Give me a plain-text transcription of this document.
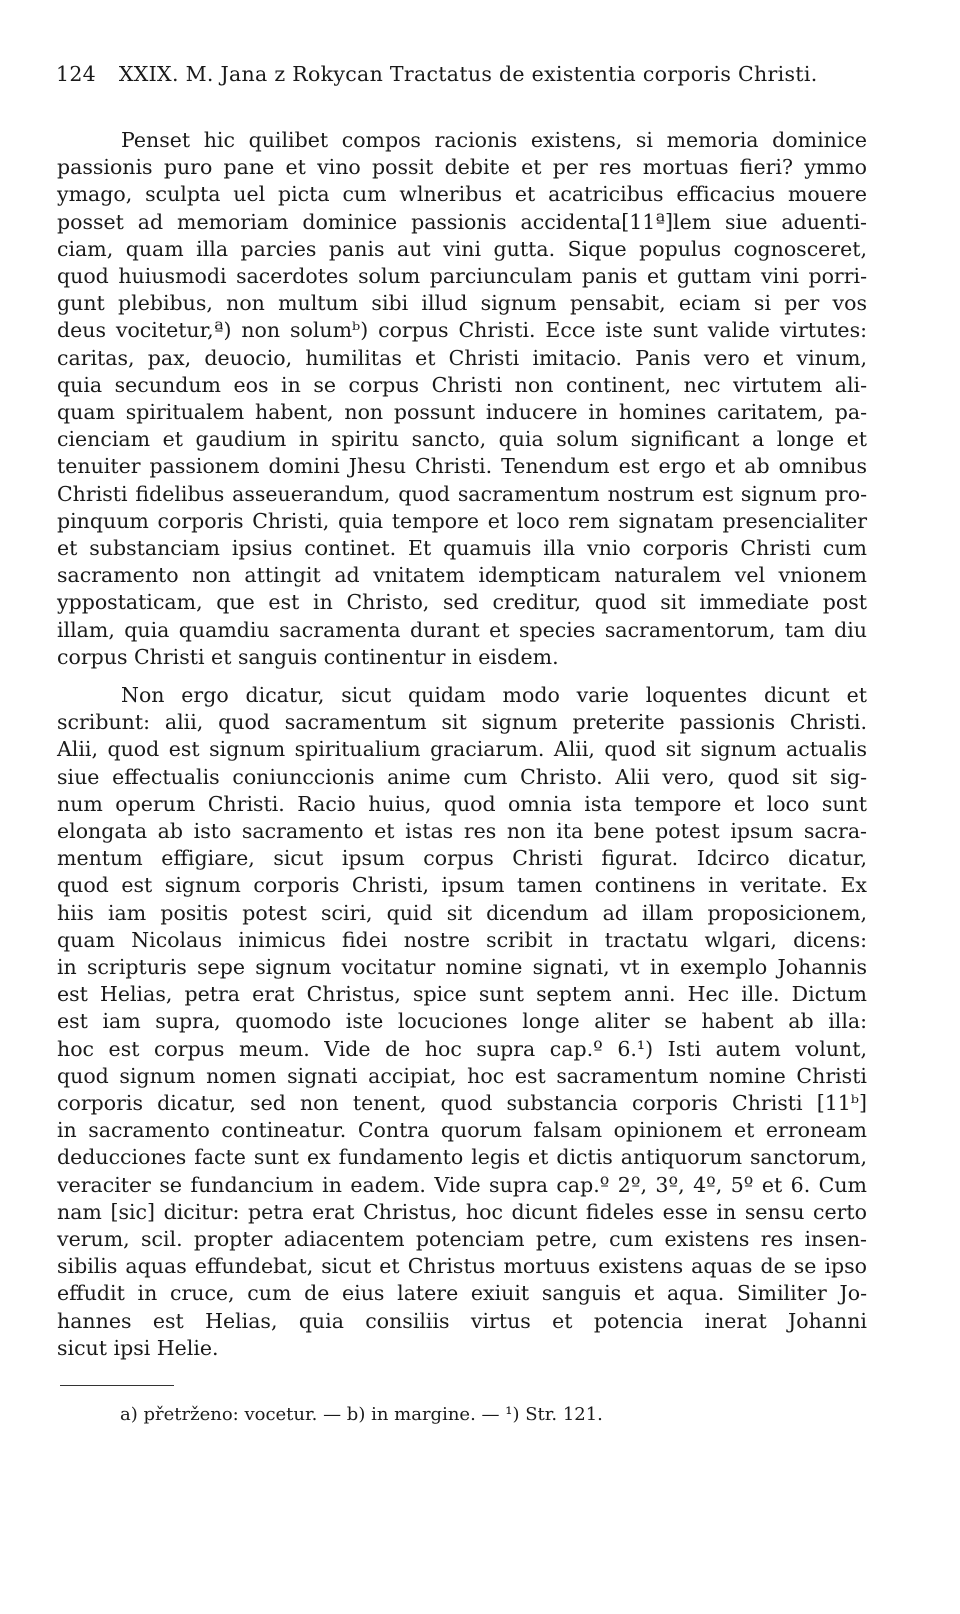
124 XXIX. M. Jana z Rokycan Tractatus de existentia corporis Christi.
Penset hic quilibet compos racionis existens, si memoria dominice
passionis puro pane et vino possit debite et per res mortuas fieri? ymmo
ymago, sculpta uel picta cum wlneribus et acatricibus efficacius mouere
posset ad memoriam dominice passionis accidenta[11ª]lem siue aduenti-
ciam, quam illa parcies panis aut vini gutta. Sique populus cognosceret,
quod huiusmodi sacerdotes solum parciunculam panis et guttam vini porri-
gunt plebibus, non multum sibi illud signum pensabit, eciam si per vos
deus vocitetur,ª) non solumᵇ) corpus Christi. Ecce iste sunt valide virtutes:
caritas, pax, deuocio, humilitas et Christi imitacio. Panis vero et vinum,
quia secundum eos in se corpus Christi non continent, nec virtutem ali-
quam spiritualem habent, non possunt inducere in homines caritatem, pa-
cienciam et gaudium in spiritu sancto, quia solum significant a longe et
tenuiter passionem domini Jhesu Christi. Tenendum est ergo et ab omnibus
Christi fidelibus asseuerandum, quod sacramentum nostrum est signum pro-
pinquum corporis Christi, quia tempore et loco rem signatam presencialiter
et substanciam ipsius continet. Et quamuis illa vnio corporis Christi cum
sacramento non attingit ad vnitatem idempticam naturalem vel vnionem
yppostaticam, que est in Christo, sed creditur, quod sit immediate post
illam, quia quamdiu sacramenta durant et species sacramentorum, tam diu
corpus Christi et sanguis continentur in eisdem.
Non ergo dicatur, sicut quidam modo varie loquentes dicunt et
scribunt: alii, quod sacramentum sit signum preterite passionis Christi.
Alii, quod est signum spiritualium graciarum. Alii, quod sit signum actualis
siue effectualis coniunccionis anime cum Christo. Alii vero, quod sit sig-
num operum Christi. Racio huius, quod omnia ista tempore et loco sunt
elongata ab isto sacramento et istas res non ita bene potest ipsum sacra-
mentum effigiare, sicut ipsum corpus Christi figurat. Idcirco dicatur,
quod est signum corporis Christi, ipsum tamen continens in veritate. Ex
hiis iam positis potest sciri, quid sit dicendum ad illam proposicionem,
quam Nicolaus inimicus fidei nostre scribit in tractatu wlgari, dicens:
in scripturis sepe signum vocitatur nomine signati, vt in exemplo Johannis
est Helias, petra erat Christus, spice sunt septem anni. Hec ille. Dictum
est iam supra, quomodo iste locuciones longe aliter se habent ab illa:
hoc est corpus meum. Vide de hoc supra cap.º 6.¹) Isti autem volunt,
quod signum nomen signati accipiat, hoc est sacramentum nomine Christi
corporis dicatur, sed non tenent, quod substancia corporis Christi [11ᵇ]
in sacramento contineatur. Contra quorum falsam opinionem et erroneam
deducciones facte sunt ex fundamento legis et dictis antiquorum sanctorum,
veraciter se fundancium in eadem. Vide supra cap.º 2º, 3º, 4º, 5º et 6. Cum
nam [sic] dicitur: petra erat Christus, hoc dicunt fideles esse in sensu certo
verum, scil. propter adiacentem potenciam petre, cum existens res insen-
sibilis aquas effundebat, sicut et Christus mortuus existens aquas de se ipso
effudit in cruce, cum de eius latere exiuit sanguis et aqua. Similiter Jo-
hannes est Helias, quia consiliis virtus et potencia inerat Johanni
sicut ipsi Helie.
a) přetrženo: vocetur. — b) in margine. — ¹) Str. 121.
